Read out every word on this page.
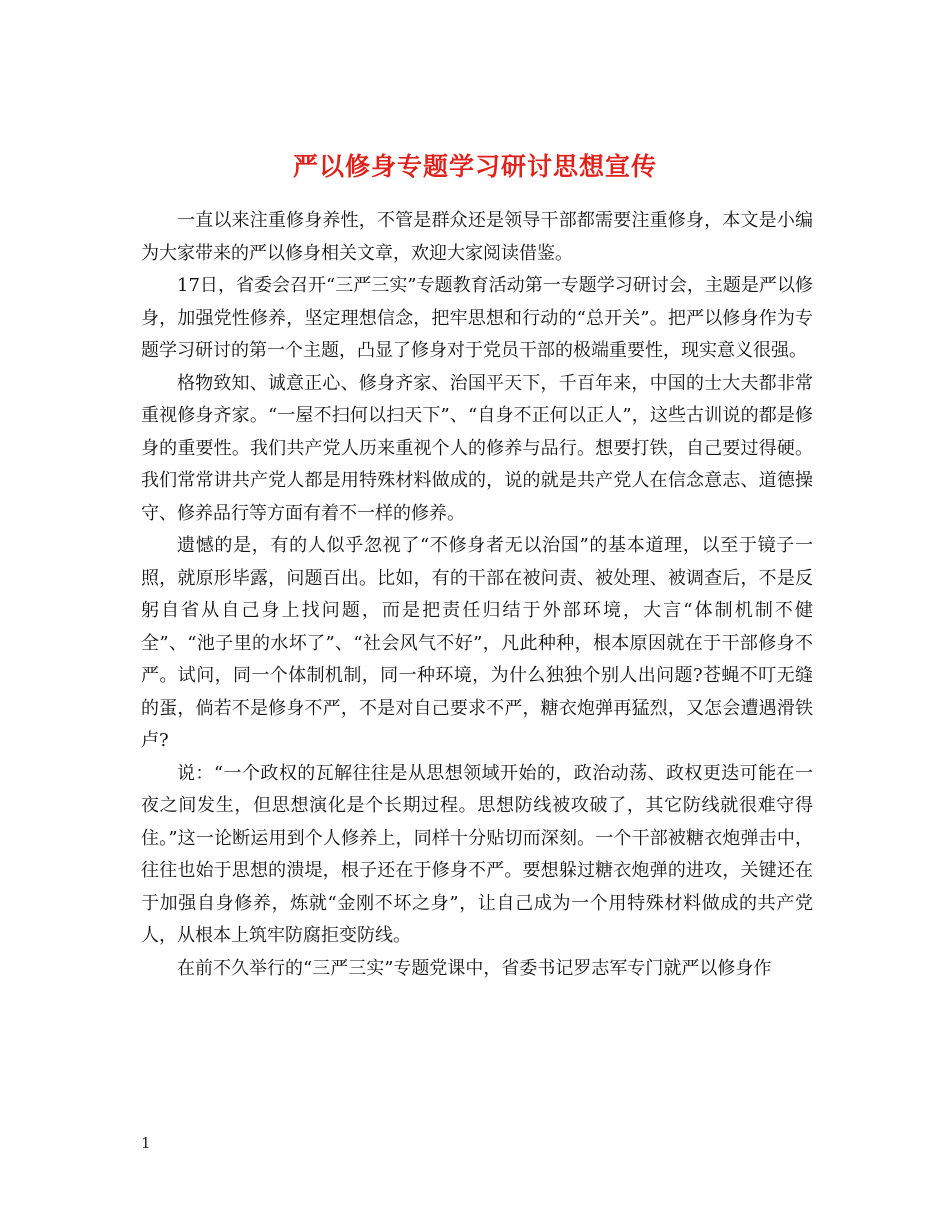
严以修身专题学习研讨思想宣传

一直以来注重修身养性，不管是群众还是领导干部都需要注重修身，本文是小编为大家带来的严以修身相关文章，欢迎大家阅读借鉴。

17日，省委会召开“三严三实”专题教育活动第一专题学习研讨会，主题是严以修身，加强党性修养，坚定理想信念，把牢思想和行动的“总开关”。把严以修身作为专题学习研讨的第一个主题，凸显了修身对于党员干部的极端重要性，现实意义很强。

格物致知、诚意正心、修身齐家、治国平天下，千百年来，中国的士大夫都非常重视修身齐家。“一屋不扫何以扫天下”、“自身不正何以正人”，这些古训说的都是修身的重要性。我们共产党人历来重视个人的修养与品行。想要打铁，自己要过得硬。我们常常讲共产党人都是用特殊材料做成的，说的就是共产党人在信念意志、道德操守、修养品行等方面有着不一样的修养。

遗憾的是，有的人似乎忽视了“不修身者无以治国”的基本道理，以至于镜子一照，就原形毕露，问题百出。比如，有的干部在被问责、被处理、被调查后，不是反躬自省从自己身上找问题，而是把责任归结于外部环境，大言“体制机制不健全”、“池子里的水坏了”、“社会风气不好”，凡此种种，根本原因就在于干部修身不严。试问，同一个体制机制，同一种环境，为什么独独个别人出问题?苍蝇不叮无缝的蛋，倘若不是修身不严，不是对自己要求不严，糖衣炮弹再猛烈，又怎会遭遇滑铁卢?

说：“一个政权的瓦解往往是从思想领域开始的，政治动荡、政权更迭可能在一夜之间发生，但思想演化是个长期过程。思想防线被攻破了，其它防线就很难守得住。”这一论断运用到个人修养上，同样十分贴切而深刻。一个干部被糖衣炮弹击中，往往也始于思想的溃堤，根子还在于修身不严。要想躲过糖衣炮弹的进攻，关键还在于加强自身修养，炼就“金刚不坏之身”，让自己成为一个用特殊材料做成的共产党人，从根本上筑牢防腐拒变防线。

在前不久举行的“三严三实”专题党课中，省委书记罗志军专门就严以修身作

1
